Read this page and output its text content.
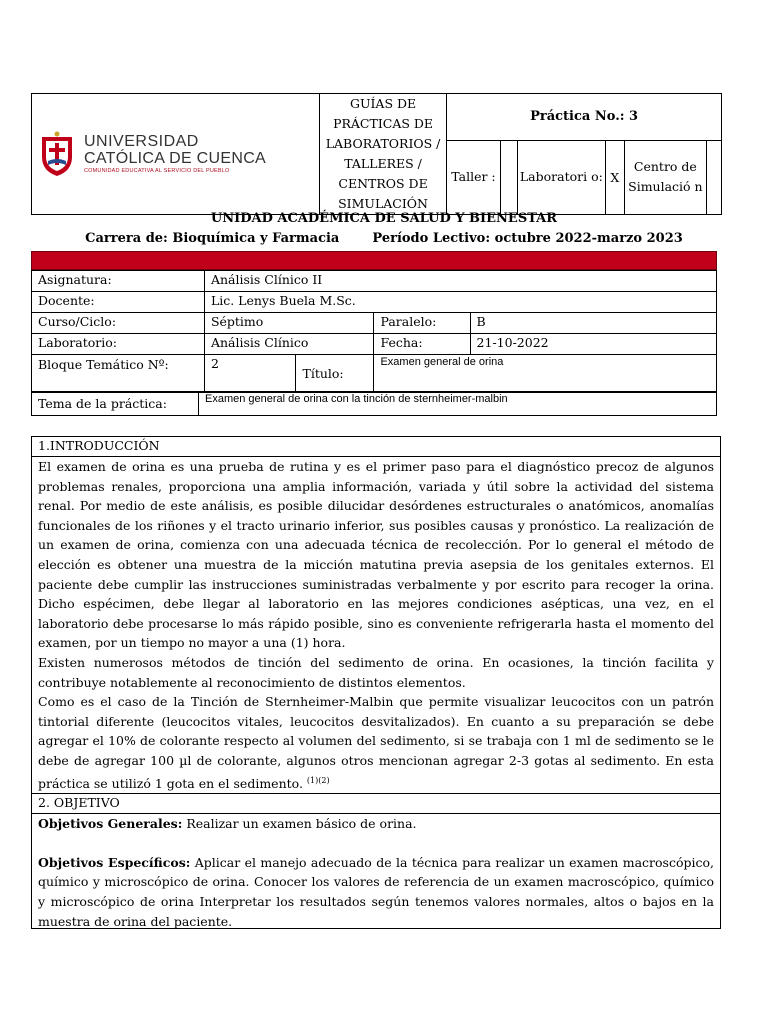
UNIVERSIDAD
CATÓLICA DE CUENCA
COMUNIDAD EDUCATIVA AL SERVICIO DEL PUEBLO	GUÍAS DE PRÁCTICAS DE LABORATORIOS / TALLERES / CENTROS DE SIMULACIÓN	Práctica No.: 3					
		Taller :		Laboratori o:	X	Centro de Simulació n	
UNIDAD ACADÉMICA DE SALUD Y BIENESTAR
Carrera de: Bioquímica y Farmacia	Período Lectivo: octubre 2022-marzo 2023
Asignatura:	Análisis Clínico II			
Docente:	Lic. Lenys Buela M.Sc.			
Curso/Ciclo:	Séptimo		Paralelo:	B
Laboratorio:	Análisis Clínico		Fecha:	21-10-2022
Bloque Temático Nº:	2	Título:	Examen general de orina	
Tema de la práctica:	Examen general de orina con la tinción de sternheimer-malbin
1.INTRODUCCIÓN
El examen de orina es una prueba de rutina y es el primer paso para el diagnóstico precoz de algunos problemas renales, proporciona una amplia información, variada y útil sobre la actividad del sistema renal. Por medio de este análisis, es posible dilucidar desórdenes estructurales o anatómicos, anomalías funcionales de los riñones y el tracto urinario inferior, sus posibles causas y pronóstico. La realización de un examen de orina, comienza con una adecuada técnica de recolección. Por lo general el método de elección es obtener una muestra de la micción matutina previa asepsia de los genitales externos. El paciente debe cumplir las instrucciones suministradas verbalmente y por escrito para recoger la orina. Dicho espécimen, debe llegar al laboratorio en las mejores condiciones asépticas, una vez, en el laboratorio debe procesarse lo más rápido posible, sino es conveniente refrigerarla hasta el momento del examen, por un tiempo no mayor a una (1) hora.
Existen numerosos métodos de tinción del sedimento de orina. En ocasiones, la tinción facilita y contribuye notablemente al reconocimiento de distintos elementos.
Como es el caso de la Tinción de Sternheimer-Malbin que permite visualizar leucocitos con un patrón tintorial diferente (leucocitos vitales, leucocitos desvitalizados). En cuanto a su preparación se debe agregar el 10% de colorante respecto al volumen del sedimento, si se trabaja con 1 ml de sedimento se le debe de agregar 100 µl de colorante, algunos otros mencionan agregar 2-3 gotas al sedimento. En esta práctica se utilizó 1 gota en el sedimento. $^{(1)(2)}$
2. OBJETIVO
Objetivos Generales: Realizar un examen básico de orina.
Objetivos Específicos: Aplicar el manejo adecuado de la técnica para realizar un examen macroscópico, químico y microscópico de orina. Conocer los valores de referencia de un examen macroscópico, químico y microscópico de orina Interpretar los resultados según tenemos valores normales, altos o bajos en la muestra de orina del paciente.
